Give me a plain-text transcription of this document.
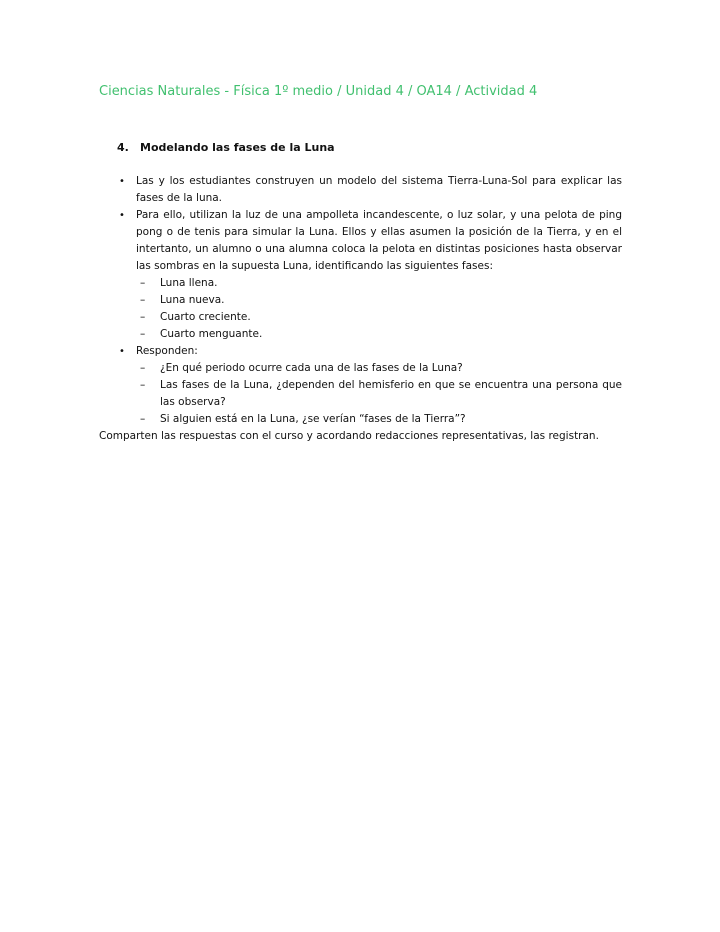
Ciencias Naturales - Física 1º medio / Unidad 4 / OA14 / Actividad 4
4. Modelando las fases de la Luna
•	Las y los estudiantes construyen un modelo del sistema Tierra-Luna-Sol para explicar las fases de la luna.
•	Para ello, utilizan la luz de una ampolleta incandescente, o luz solar, y una pelota de ping pong o de tenis para simular la Luna. Ellos y ellas asumen la posición de la Tierra, y en el intertanto, un alumno o una alumna coloca la pelota en distintas posiciones hasta observar las sombras en la supuesta Luna, identificando las siguientes fases:
–	Luna llena.
–	Luna nueva.
–	Cuarto creciente.
–	Cuarto menguante.
•	Responden:
–	¿En qué periodo ocurre cada una de las fases de la Luna?
–	Las fases de la Luna, ¿dependen del hemisferio en que se encuentra una persona que las observa?
–	Si alguien está en la Luna, ¿se verían “fases de la Tierra”?
Comparten las respuestas con el curso y acordando redacciones representativas, las registran.
